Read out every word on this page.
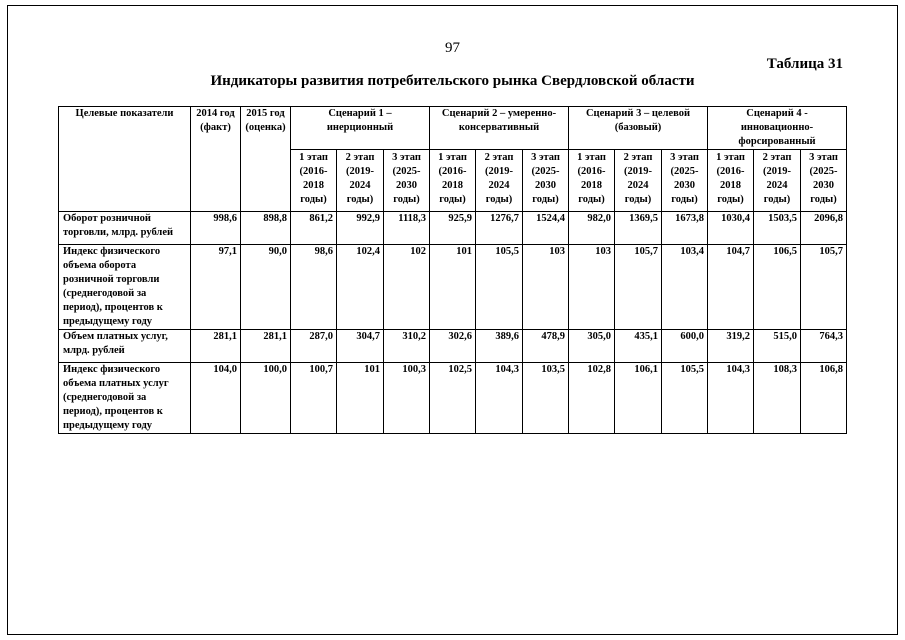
97
Таблица 31
Индикаторы развития потребительского рынка Свердловской области
Целевые показатели	2014 год (факт)	2015 год (оценка)	Сценарий 1 – инерционный			Сценарий 2 – умеренно-консервативный			Сценарий 3 – целевой (базовый)			Сценарий 4 - инновационно-форсированный		

			1 этап
(2016-
2018
годы)	2 этап
(2019-
2024
годы)	3 этап
(2025-
2030
годы)	1 этап
(2016-
2018
годы)	2 этап
(2019-
2024
годы)	3 этап
(2025-
2030
годы)	1 этап
(2016-
2018
годы)	2 этап
(2019-
2024
годы)	3 этап
(2025-
2030
годы)	1 этап
(2016-
2018
годы)	2 этап
(2019-
2024
годы)	3 этап
(2025-
2030
годы)

Оборот розничной торговли, млрд. рублей	998,6	898,8	861,2	992,9	1118,3	925,9	1276,7	1524,4	982,0	1369,5	1673,8	1030,4	1503,5	2096,8
Индекс физического объема оборота розничной торговли (среднегодовой за период), процентов к предыдущему году	97,1	90,0	98,6	102,4	102	101	105,5	103	103	105,7	103,4	104,7	106,5	105,7
Объем платных услуг, млрд. рублей	281,1	281,1	287,0	304,7	310,2	302,6	389,6	478,9	305,0	435,1	600,0	319,2	515,0	764,3
Индекс физического объема платных услуг (среднегодовой за период), процентов к предыдущему году	104,0	100,0	100,7	101	100,3	102,5	104,3	103,5	102,8	106,1	105,5	104,3	108,3	106,8
